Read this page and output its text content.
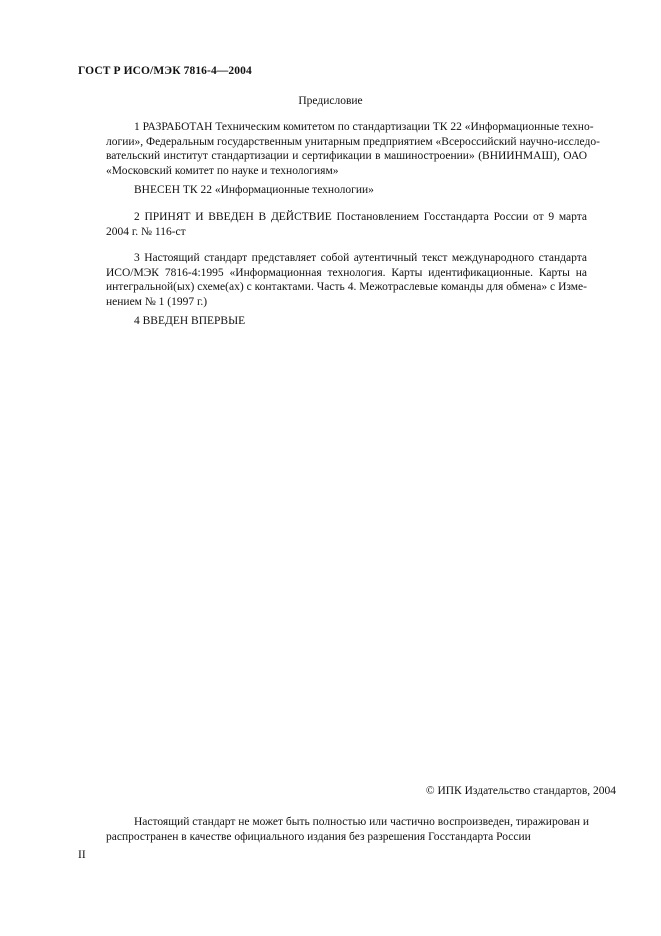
ГОСТ Р ИСО/МЭК 7816-4—2004
Предисловие
1 РАЗРАБОТАН Техническим комитетом по стандартизации ТК 22 «Информационные техно-
логии», Федеральным государственным унитарным предприятием «Всероссийский научно-исследо-
вательский институт стандартизации и сертификации в машиностроении» (ВНИИНМАШ), ОАО
«Московский комитет по науке и технологиям»
ВНЕСЕН ТК 22 «Информационные технологии»
2 ПРИНЯТ И ВВЕДЕН В ДЕЙСТВИЕ Постановлением Госстандарта России от 9 марта
2004 г. № 116-ст
3 Настоящий стандарт представляет собой аутентичный текст международного стандарта
ИСО/МЭК 7816-4:1995 «Информационная технология. Карты идентификационные. Карты на
интегральной(ых) схеме(ах) с контактами. Часть 4. Межотраслевые команды для обмена» с Изме-
нением № 1 (1997 г.)
4 ВВЕДЕН ВПЕРВЫЕ
© ИПК Издательство стандартов, 2004
Настоящий стандарт не может быть полностью или частично воспроизведен, тиражирован и
распространен в качестве официального издания без разрешения Госстандарта России
II
